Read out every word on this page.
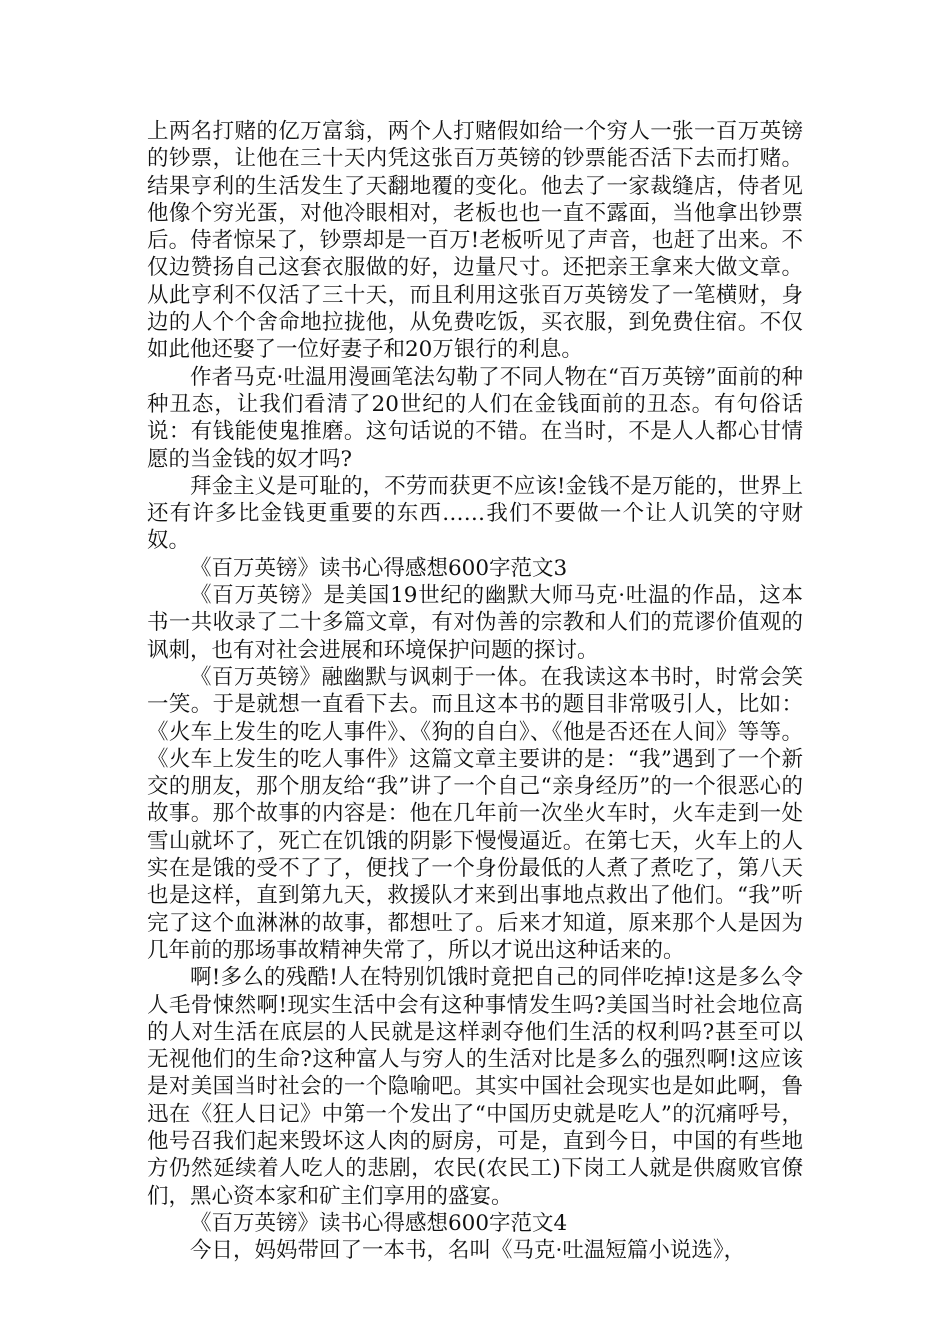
上两名打赌的亿万富翁，两个人打赌假如给一个穷人一张一百万英镑的钞票，让他在三十天内凭这张百万英镑的钞票能否活下去而打赌。结果亨利的生活发生了天翻地覆的变化。他去了一家裁缝店，侍者见他像个穷光蛋，对他冷眼相对，老板也也一直不露面，当他拿出钞票后。侍者惊呆了，钞票却是一百万!老板听见了声音，也赶了出来。不仅边赞扬自己这套衣服做的好，边量尺寸。还把亲王拿来大做文章。从此亨利不仅活了三十天，而且利用这张百万英镑发了一笔横财，身边的人个个舍命地拉拢他，从免费吃饭，买衣服，到免费住宿。不仅如此他还娶了一位好妻子和20万银行的利息。

作者马克·吐温用漫画笔法勾勒了不同人物在“百万英镑”面前的种种丑态，让我们看清了20世纪的人们在金钱面前的丑态。有句俗话说：有钱能使鬼推磨。这句话说的不错。在当时，不是人人都心甘情愿的当金钱的奴才吗?

拜金主义是可耻的，不劳而获更不应该!金钱不是万能的，世界上还有许多比金钱更重要的东西……我们不要做一个让人讥笑的守财奴。

《百万英镑》读书心得感想600字范文3

《百万英镑》是美国19世纪的幽默大师马克·吐温的作品，这本书一共收录了二十多篇文章，有对伪善的宗教和人们的荒谬价值观的讽刺，也有对社会进展和环境保护问题的探讨。

《百万英镑》融幽默与讽刺于一体。在我读这本书时，时常会笑一笑。于是就想一直看下去。而且这本书的题目非常吸引人，比如：《火车上发生的吃人事件》、《狗的自白》、《他是否还在人间》等等。《火车上发生的吃人事件》这篇文章主要讲的是：“我”遇到了一个新交的朋友，那个朋友给“我”讲了一个自己“亲身经历”的一个很恶心的故事。那个故事的内容是：他在几年前一次坐火车时，火车走到一处雪山就坏了，死亡在饥饿的阴影下慢慢逼近。在第七天，火车上的人实在是饿的受不了了，便找了一个身份最低的人煮了煮吃了，第八天也是这样，直到第九天，救援队才来到出事地点救出了他们。“我”听完了这个血淋淋的故事，都想吐了。后来才知道，原来那个人是因为几年前的那场事故精神失常了，所以才说出这种话来的。

啊!多么的残酷!人在特别饥饿时竟把自己的同伴吃掉!这是多么令人毛骨悚然啊!现实生活中会有这种事情发生吗?美国当时社会地位高的人对生活在底层的人民就是这样剥夺他们生活的权利吗?甚至可以无视他们的生命?这种富人与穷人的生活对比是多么的强烈啊!这应该是对美国当时社会的一个隐喻吧。其实中国社会现实也是如此啊，鲁迅在《狂人日记》中第一个发出了“中国历史就是吃人”的沉痛呼号，他号召我们起来毁坏这人肉的厨房，可是，直到今日，中国的有些地方仍然延续着人吃人的悲剧，农民(农民工)下岗工人就是供腐败官僚们，黑心资本家和矿主们享用的盛宴。

《百万英镑》读书心得感想600字范文4

今日，妈妈带回了一本书，名叫《马克·吐温短篇小说选》，
